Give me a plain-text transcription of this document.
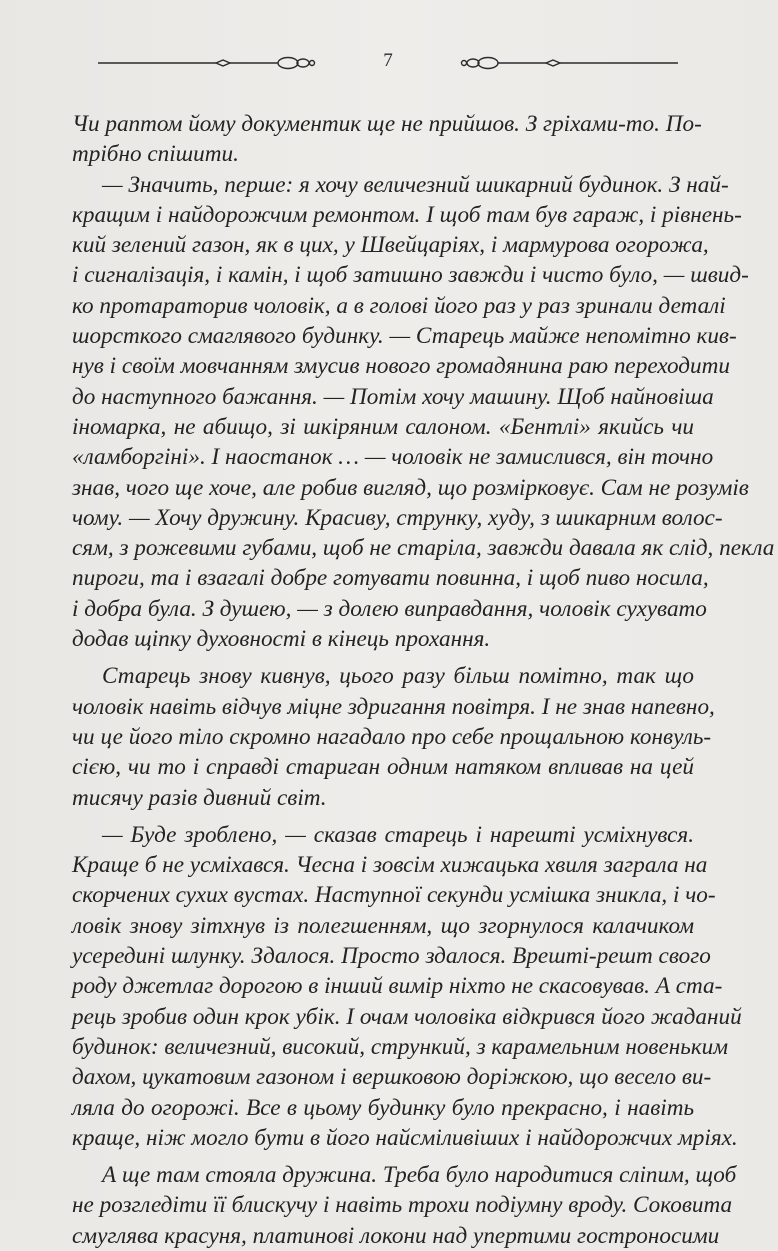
7
Чи раптом йому документик ще не прийшов. З гріхами-то. По-
трібно спішити.
— Значить, перше: я хочу величезний шикарний будинок. З най-
кращим і найдорожчим ремонтом. І щоб там був гараж, і рівнень-
кий зелений газон, як в цих, у Швейцаріях, і мармурова огорожа,
і сигналізація, і камін, і щоб затишно завжди і чисто було, — швид-
ко протараторив чоловік, а в голові його раз у раз зринали деталі
шорсткого смаглявого будинку. — Старець майже непомітно кив-
нув і своїм мовчанням змусив нового громадянина раю переходити
до наступного бажання. — Потім хочу машину. Щоб найновіша
іномарка, не абищо, зі шкіряним салоном. «Бентлі» якийсь чи
«ламборгіні». І наостанок … — чоловік не замислився, він точно
знав, чого ще хоче, але робив вигляд, що розмірковує. Сам не розумів
чому. — Хочу дружину. Красиву, струнку, худу, з шикарним волос-
сям, з рожевими губами, щоб не старіла, завжди давала як слід, пекла
пироги, та і взагалі добре готувати повинна, і щоб пиво носила,
і добра була. З душею, — з долею виправдання, чоловік сухувато
додав щіпку духовності в кінець прохання.
Старець знову кивнув, цього разу більш помітно, так що
чоловік навіть відчув міцне здригання повітря. І не знав напевно,
чи це його тіло скромно нагадало про себе прощальною конвуль-
сією, чи то і справді стариган одним натяком впливав на цей
тисячу разів дивний світ.
— Буде зроблено, — сказав старець і нарешті усміхнувся.
Краще б не усміхався. Чесна і зовсім хижацька хвиля заграла на
скорчених сухих вустах. Наступної секунди усмішка зникла, і чо-
ловік знову зітхнув із полегшенням, що згорнулося калачиком
усередині шлунку. Здалося. Просто здалося. Врешті-решт свого
роду джетлаг дорогою в інший вимір ніхто не скасовував. А ста-
рець зробив один крок убік. І очам чоловіка відкрився його жаданий
будинок: величезний, високий, стрункий, з карамельним новеньким
дахом, цукатовим газоном і вершковою доріжкою, що весело ви-
ляла до огорожі. Все в цьому будинку було прекрасно, і навіть
краще, ніж могло бути в його найсміливіших і найдорожчих мріях.
А ще там стояла дружина. Треба було народитися сліпим, щоб
не розгледіти її блискучу і навіть трохи подіумну вроду. Соковита
смуглява красуня, платинові локони над упертими гостроносими
